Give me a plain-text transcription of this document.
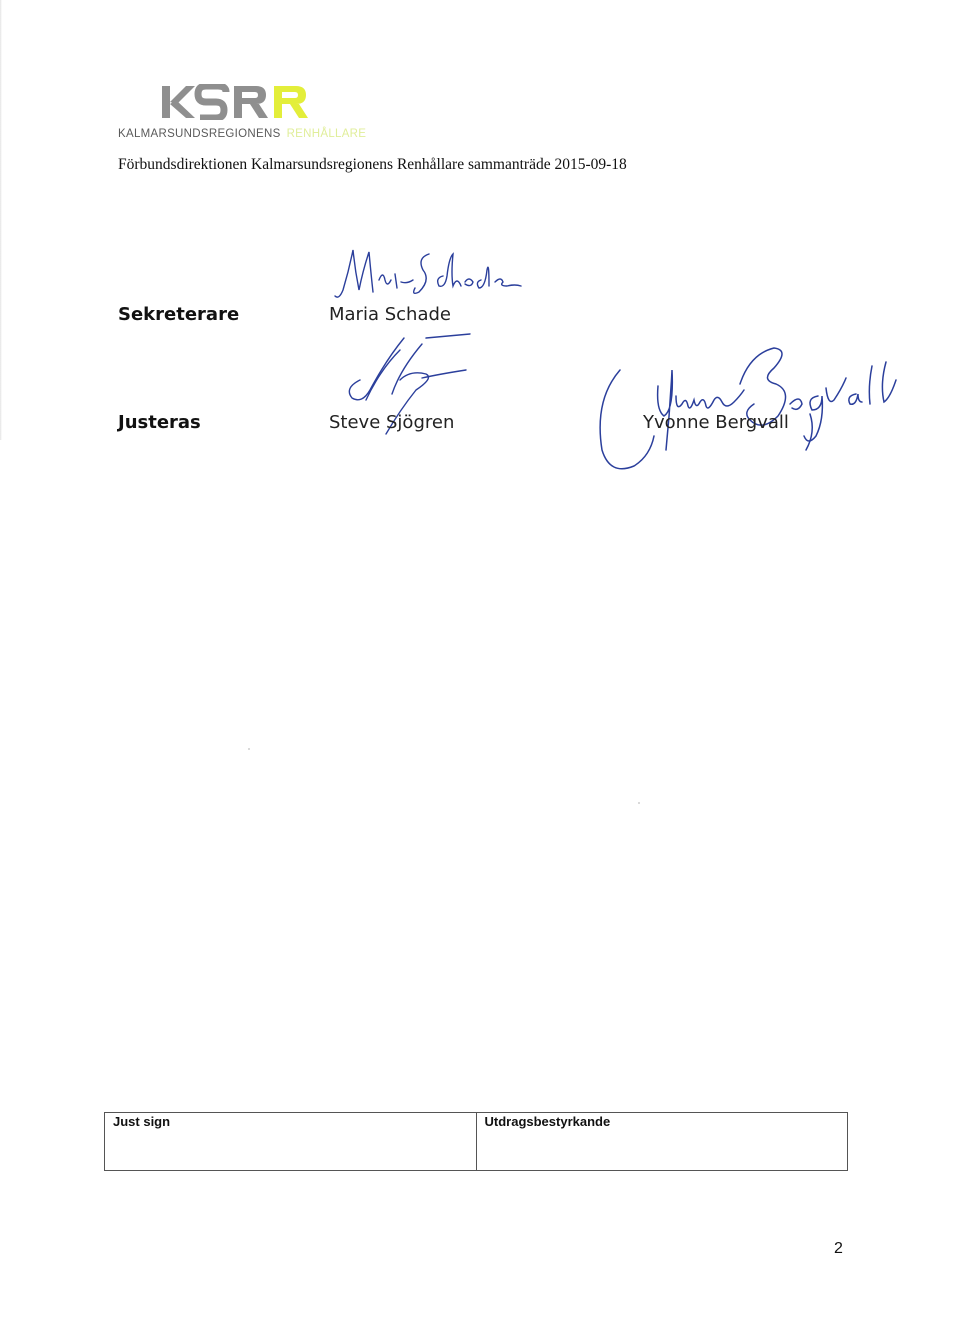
KALMARSUNDSREGIONENS RENHÅLLARE
Förbundsdirektionen Kalmarsundsregionens Renhållare sammanträde 2015-09-18
Sekreterare	Maria Schade
Justeras	Steve Sjögren	Yvonne Bergvall
Just sign	Utdragsbestyrkande
2
